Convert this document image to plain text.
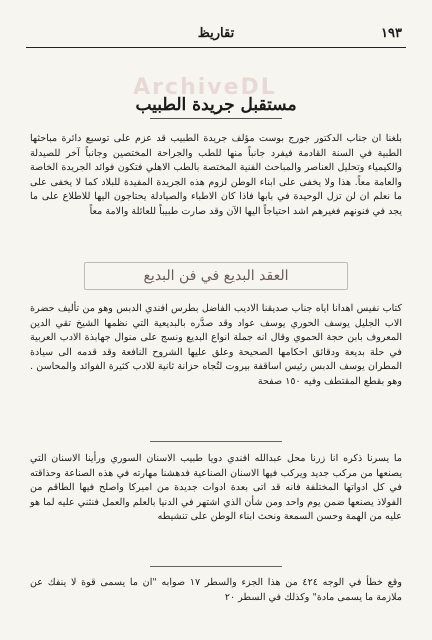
١٩٣
تقاريظ
ArchiveDL
مستقبل جريدة الطبيب

بلغنا ان جناب الدكتور جورج بوست مؤلف جريدة الطبيب قد عزم على توسيع دائرة مباحثها الطبية في السنة القادمة فيفرد جانباً منها للطب والجراحة المختصين وجانباً آخر للصيدلة والكيمياء وتحليل العناصر والمباحث الفنية المختصة بالطب الاهلي فتكون فوائد الجريدة الخاصة والعامة معاً. هذا ولا يخفى على ابناء الوطن لزوم هذه الجريدة المفيدة للبلاد كما لا يخفى على ما نعلم ان لن تزل الوحيدة في بابها فاذا كان الاطباء والصيادلة يحتاجون اليها للاطلاع على ما يجد في فنونهم فغيرهم اشد احتياجاً اليها الآن وقد صارت طبيباً للعائلة والامة معاً

العقد البديع في فن البديع

كتاب نفيس اهدانا اياه جناب صديقنا الاديب الفاضل بطرس افندي الدبس وهو من تأليف حضرة الاب الجليل يوسف الحوري يوسف عواد وقد صدَّره بالبديعية التي نظمها الشيخ تقي الدين المعروف بابن حجة الحموي وقال انه جملة انواع البديع ونسج على منوال جهابذة الادب العربية في حلة بديعة ودقائق احكامها الصحيحة وعلق عليها الشروح النافعة وقد قدمه الى سيادة المطران يوسف الدبس رئيس اساقفة بيروت لتُجاه حزانة ثانية للادب كثيرة الفوائد والمحاسن . وهو بقطع المقتطف وفيه ١٥٠ صفحة

ما يسرنا ذكره انا زرنا محل عبدالله افندي دويا طبيب الاسنان السوري ورأينا الاسنان التي يصنعها من مركب جديد ويركب فيها الاسنان الصناعية فدهشنا مهارته في هذه الصناعة وحذاقته في كل ادواتها المختلفة فانه قد اتى بعدة ادوات جديدة من اميركا واصلح فيها الطاقم من الفولاذ يصنعها ضمن يوم واحد ومن شأن الذي اشتهر في الدنيا بالعلم والعمل فنثني عليه لما هو عليه من الهمة وحسن السمعة ونحث ابناء الوطن على تنشيطه

وقع خطأ في الوجه ٤٢٤ من هذا الجزء والسطر ١٧ صوابه "ان ما يسمى قوة لا ينفك عن ملازمة ما يسمى مادة" وكذلك في السطر ٢٠
